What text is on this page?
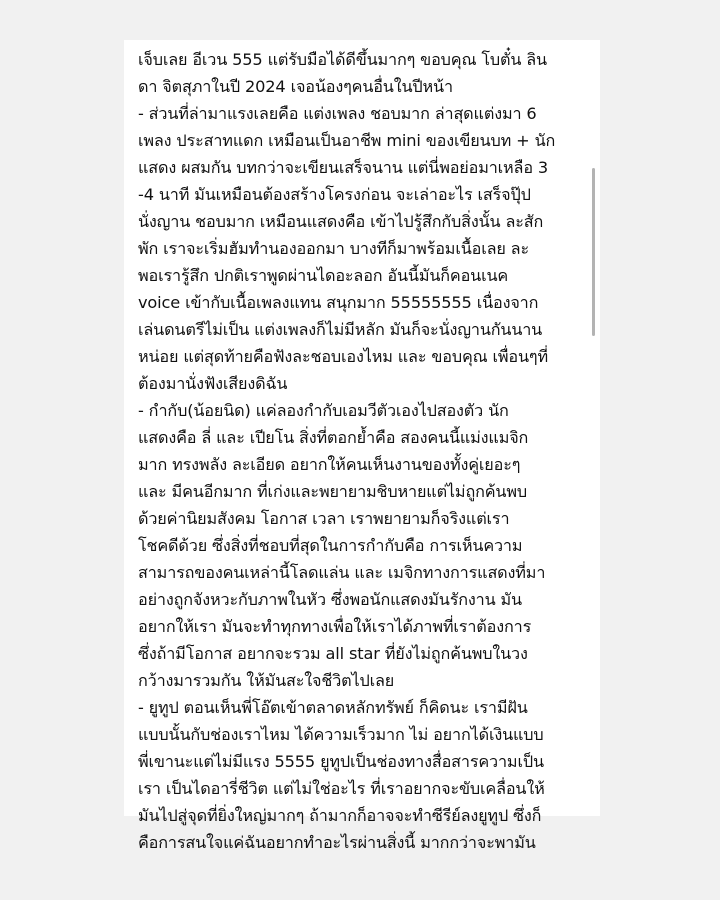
เจ็บเลย อีเวน 555 แต่รับมือได้ดีขึ้นมากๆ ขอบคุณ โบตั๋น ลิน
ดา จิตสุภาในปี 2024 เจอน้องๆคนอื่นในปีหน้า
- ส่วนที่ล่ามาแรงเลยคือ แต่งเพลง ชอบมาก ล่าสุดแต่งมา 6
เพลง ประสาทแดก เหมือนเป็นอาชีพ mini ของเขียนบท + นัก
แสดง ผสมกัน บทกว่าจะเขียนเสร็จนาน แต่นี่พอย่อมาเหลือ 3
-4 นาที มันเหมือนต้องสร้างโครงก่อน จะเล่าอะไร เสร็จปุ๊ป
นั่งญาน ชอบมาก เหมือนแสดงคือ เข้าไปรู้สึกกับสิ่งนั้น ละสัก
พัก เราจะเริ่มฮัมทำนองออกมา บางทีก็มาพร้อมเนื้อเลย ละ
พอเรารู้สึก ปกติเราพูดผ่านไดอะลอก อันนี้มันก็คอนเนค
voice เข้ากับเนื้อเพลงแทน สนุกมาก 55555555 เนื่องจาก
เล่นดนตรีไม่เป็น แต่งเพลงก็ไม่มีหลัก มันก็จะนั่งญานกันนาน
หน่อย แต่สุดท้ายคือฟังละชอบเองไหม และ ขอบคุณ เพื่อนๆที่
ต้องมานั่งฟังเสียงดิฉัน
- กำกับ(น้อยนิด) แค่ลองกำกับเอมวีตัวเองไปสองตัว นัก
แสดงคือ ลี่ และ เปียโน สิ่งที่ตอกย้ำคือ สองคนนี้แม่งแมจิก
มาก ทรงพลัง ละเอียด อยากให้คนเห็นงานของทั้งคู่เยอะๆ
และ มีคนอีกมาก ที่เก่งและพยายามชิบหายแต่ไม่ถูกค้นพบ
ด้วยค่านิยมสังคม โอกาส เวลา เราพยายามก็จริงแต่เรา
โชคดีด้วย ซึ่งสิ่งที่ชอบที่สุดในการกำกับคือ การเห็นความ
สามารถของคนเหล่านี้โลดแล่น และ เมจิกทางการแสดงที่มา
อย่างถูกจังหวะกับภาพในหัว ซึ่งพอนักแสดงมันรักงาน มัน
อยากให้เรา มันจะทำทุกทางเพื่อให้เราได้ภาพที่เราต้องการ
ซึ่งถ้ามีโอกาส อยากจะรวม all star ที่ยังไม่ถูกค้นพบในวง
กว้างมารวมกัน ให้มันสะใจชีวิตไปเลย
- ยูทูป ตอนเห็นพี่โอ๊ตเข้าตลาดหลักทรัพย์ ก็คิดนะ เรามีฝัน
แบบนั้นกับช่องเราไหม ได้ความเร็วมาก ไม่ อยากได้เงินแบบ
พี่เขานะแต่ไม่มีแรง 5555 ยูทูปเป็นช่องทางสื่อสารความเป็น
เรา เป็นไดอารี่ชีวิต แต่ไม่ใช่อะไร ที่เราอยากจะขับเคลื่อนให้
มันไปสู่จุดที่ยิ่งใหญ่มากๆ ถ้ามากก็อาจจะทำซีรีย์ลงยูทูป ซึ่งก็
คือการสนใจแค่ฉันอยากทำอะไรผ่านสิ่งนี้ มากกว่าจะพามัน
